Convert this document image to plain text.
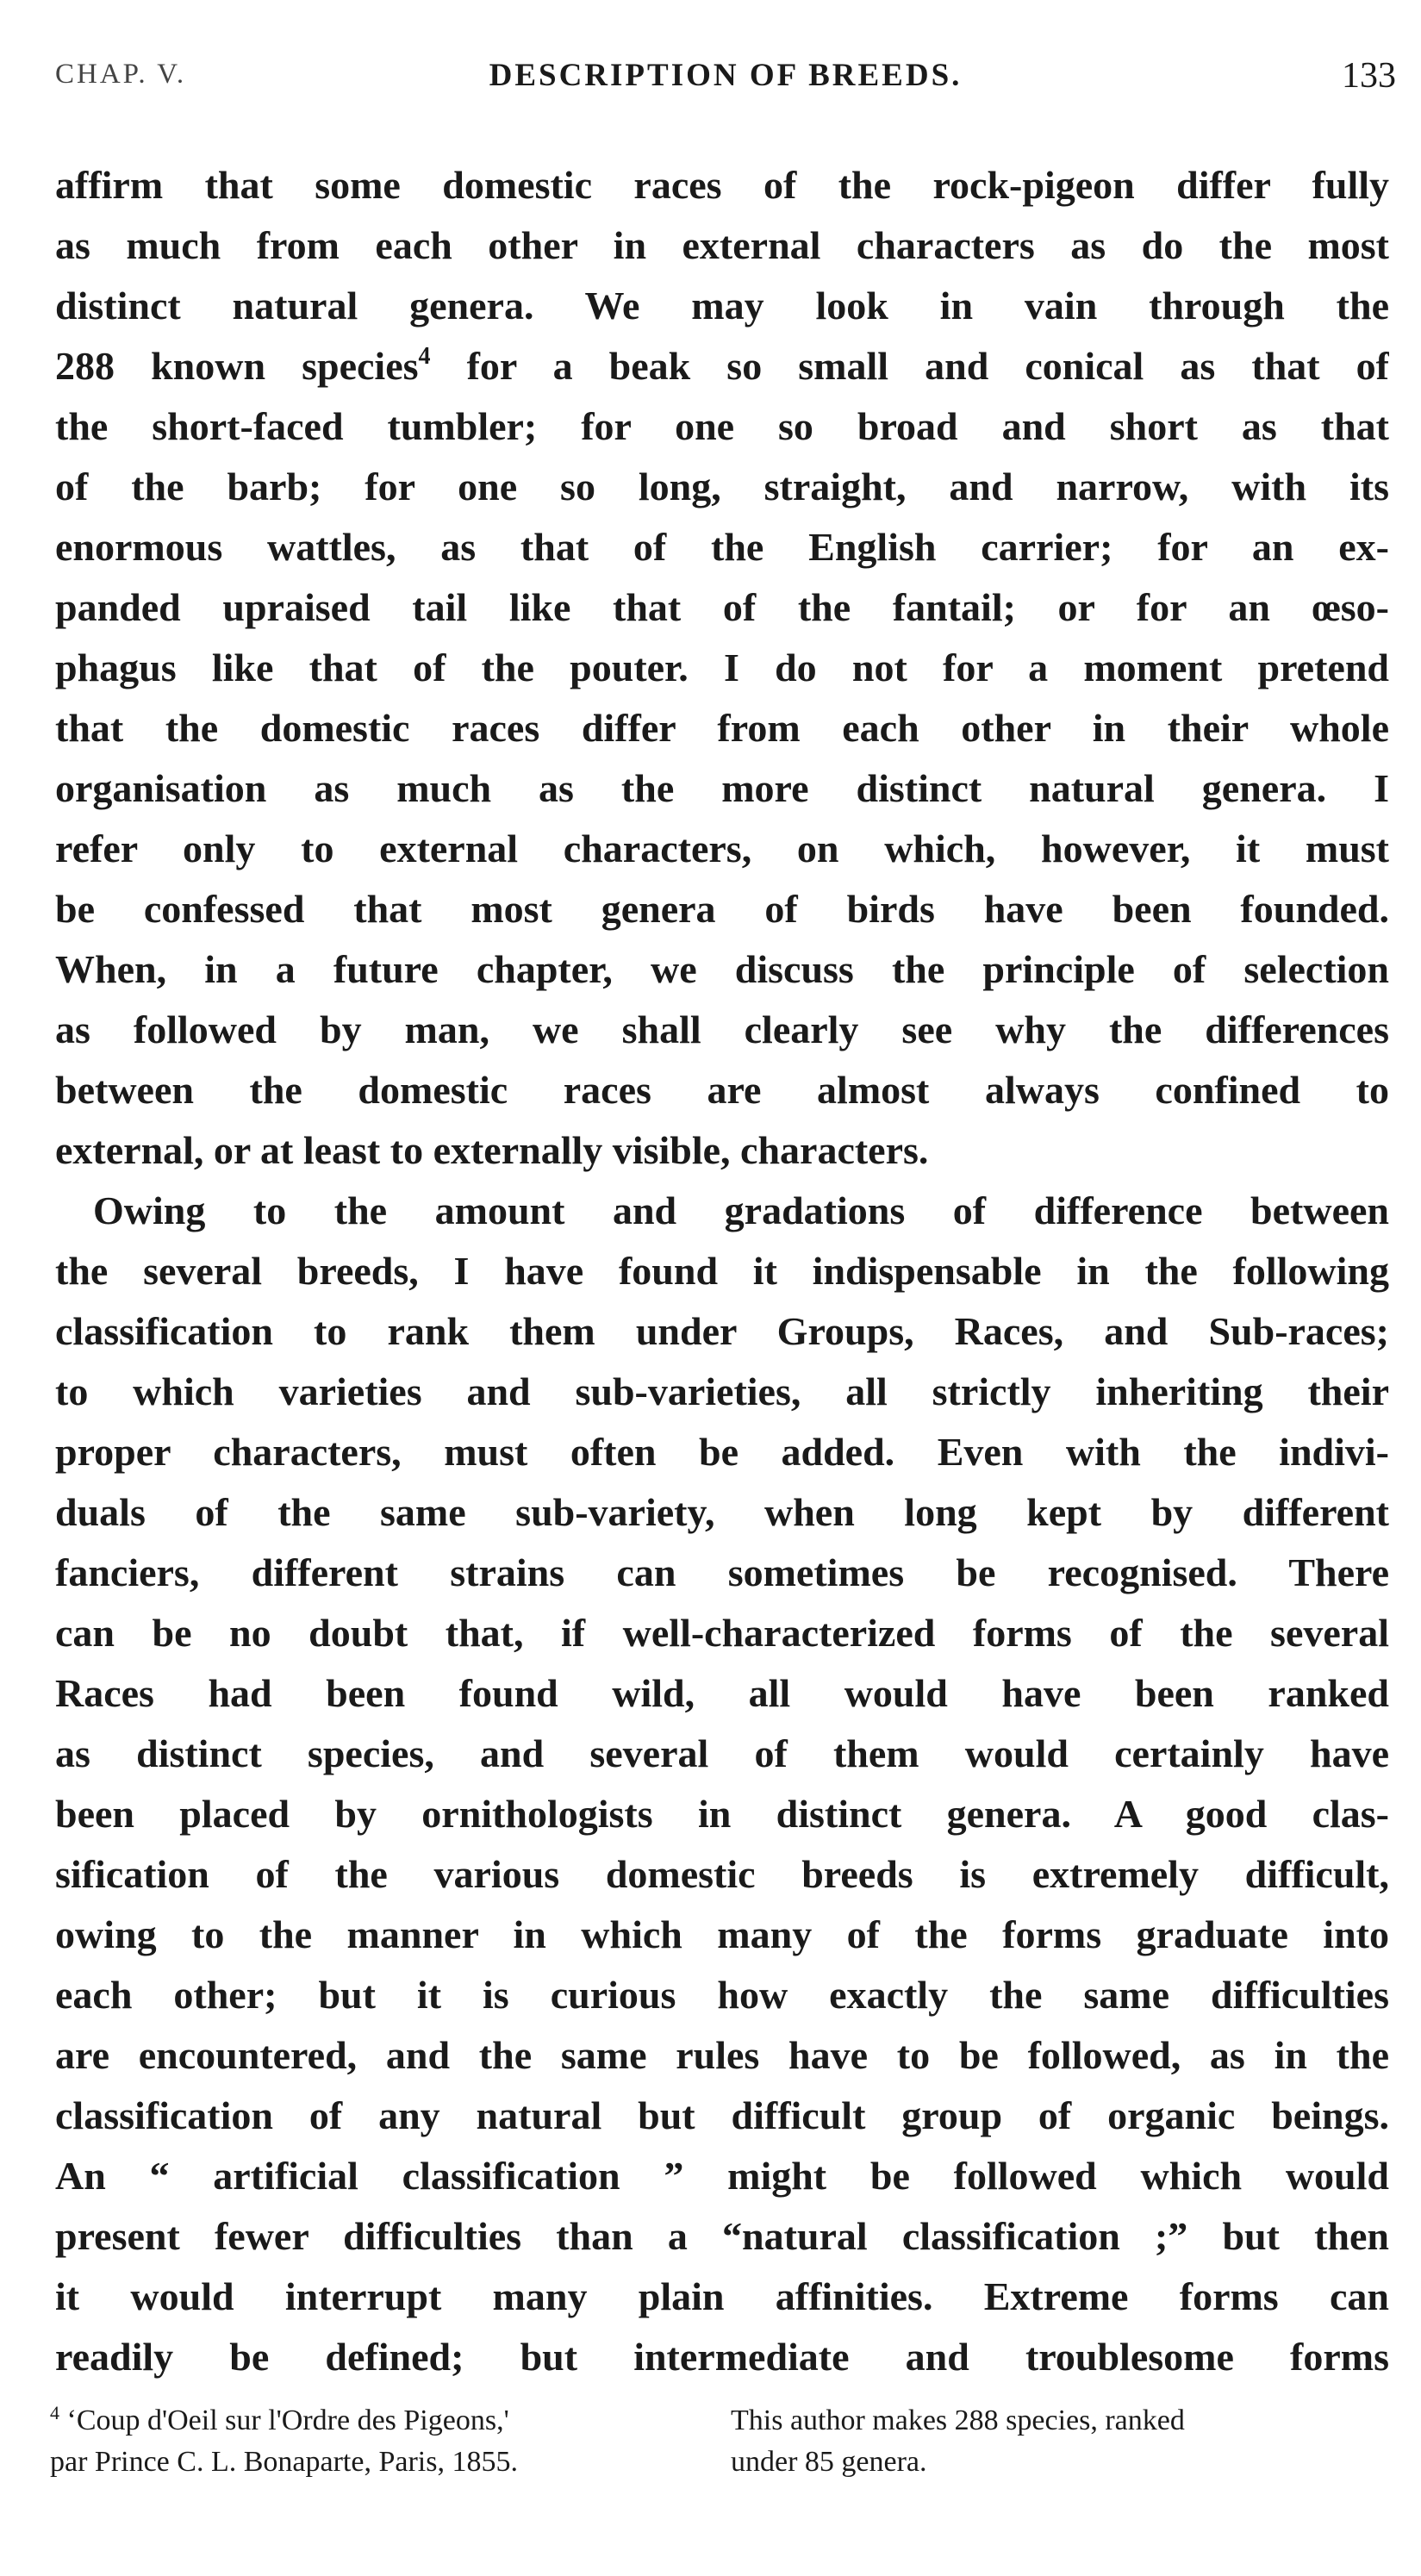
CHAP. V.	DESCRIPTION OF BREEDS.	133
affirm that some domestic races of the rock-pigeon differ fully
as much from each other in external characters as do the most
distinct natural genera. We may look in vain through the
288 known species$^4$ for a beak so small and conical as that of
the short-faced tumbler; for one so broad and short as that
of the barb; for one so long, straight, and narrow, with its
enormous wattles, as that of the English carrier; for an ex-
panded upraised tail like that of the fantail; or for an œso-
phagus like that of the pouter. I do not for a moment pretend
that the domestic races differ from each other in their whole
organisation as much as the more distinct natural genera. I
refer only to external characters, on which, however, it must
be confessed that most genera of birds have been founded.
When, in a future chapter, we discuss the principle of selection
as followed by man, we shall clearly see why the differences
between the domestic races are almost always confined to
external, or at least to externally visible, characters.
Owing to the amount and gradations of difference between
the several breeds, I have found it indispensable in the following
classification to rank them under Groups, Races, and Sub-races;
to which varieties and sub-varieties, all strictly inheriting their
proper characters, must often be added. Even with the indivi-
duals of the same sub-variety, when long kept by different
fanciers, different strains can sometimes be recognised. There
can be no doubt that, if well-characterized forms of the several
Races had been found wild, all would have been ranked
as distinct species, and several of them would certainly have
been placed by ornithologists in distinct genera. A good clas-
sification of the various domestic breeds is extremely difficult,
owing to the manner in which many of the forms graduate into
each other; but it is curious how exactly the same difficulties
are encountered, and the same rules have to be followed, as in the
classification of any natural but difficult group of organic beings.
An “ artificial classification ” might be followed which would
present fewer difficulties than a “natural classification ;” but then
it would interrupt many plain affinities. Extreme forms can
readily be defined; but intermediate and troublesome forms
$^4$ ‘Coup d'Oeil sur l'Ordre des Pigeons,'
par Prince C. L. Bonaparte, Paris, 1855.
This author makes 288 species, ranked
under 85 genera.
